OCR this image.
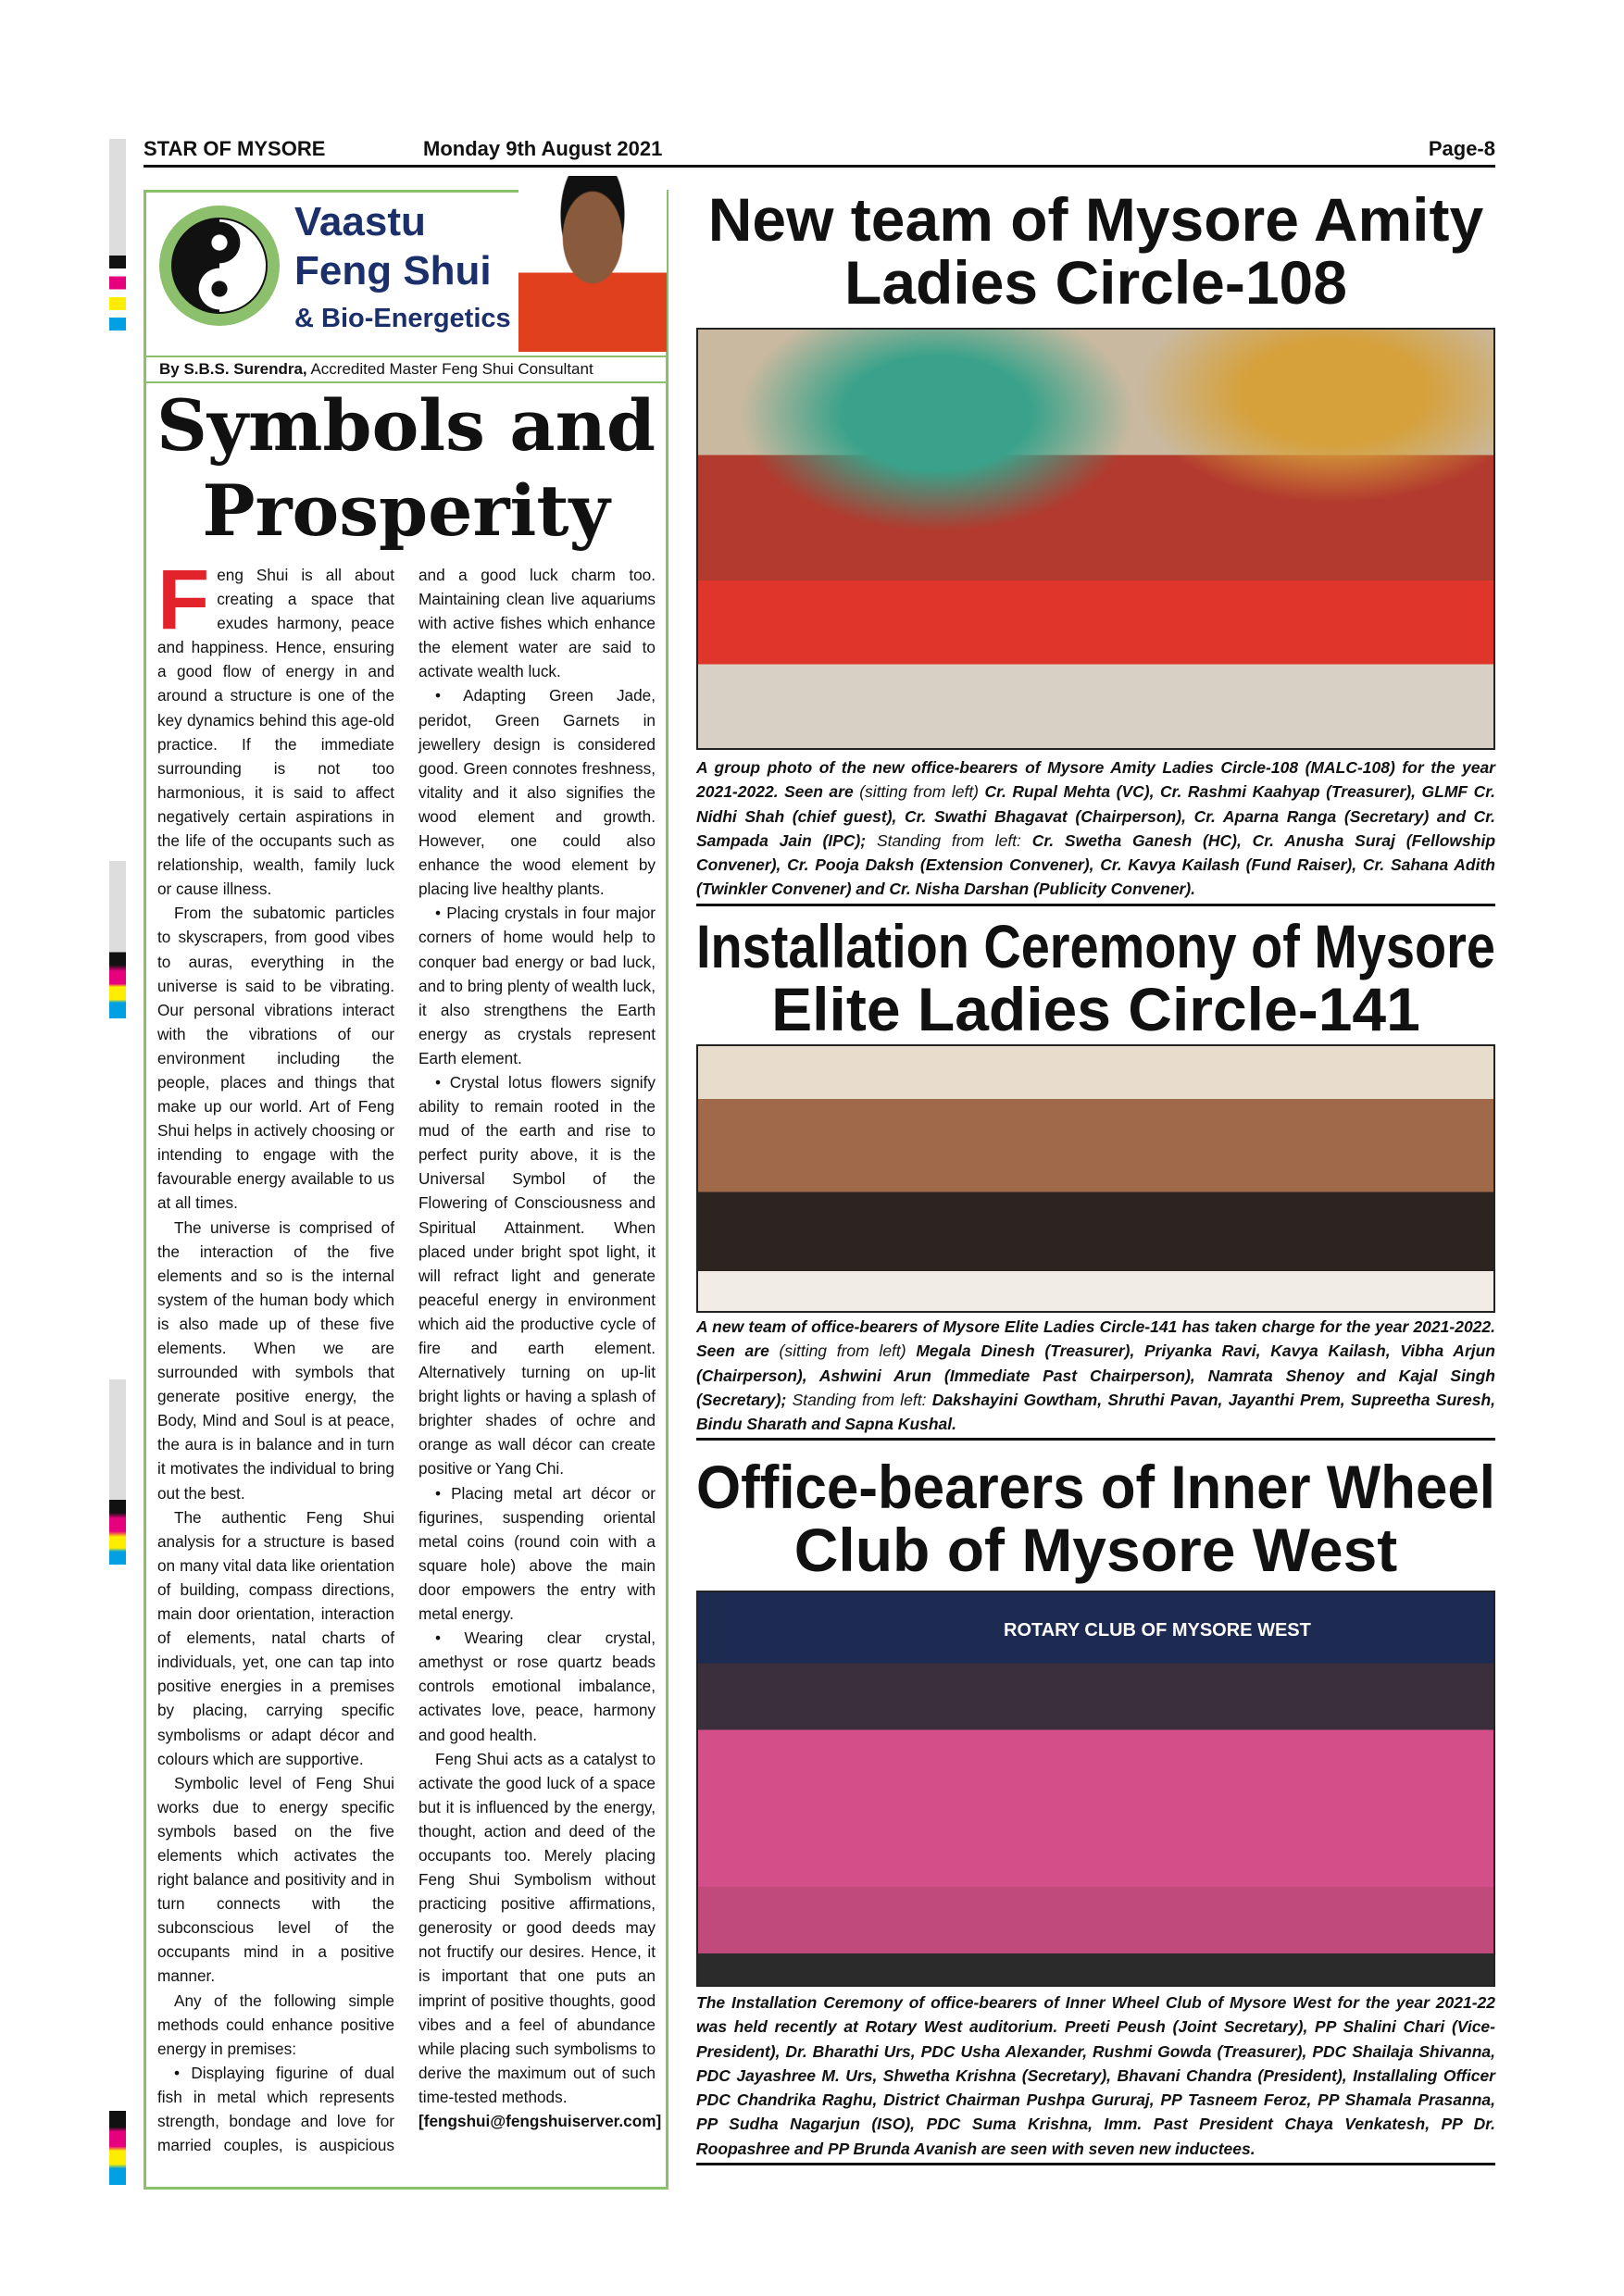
STAR OF MYSORE	Monday 9th August 2021	Page-8
Vaastu
Feng Shui
& Bio-Energetics
By S.B.S. Surendra, Accredited Master Feng Shui Consultant
Symbols and
Prosperity

Feng Shui is all about creating a space that exudes harmony, peace and happiness. Hence, ensuring a good flow of energy in and around a structure is one of the key dynamics behind this age-old practice. If the immediate surrounding is not too harmonious, it is said to affect negatively certain aspirations in the life of the occupants such as relationship, wealth, family luck or cause illness.

From the subatomic particles to skyscrapers, from good vibes to auras, everything in the universe is said to be vibrating. Our personal vibrations interact with the vibrations of our environment including the people, places and things that make up our world. Art of Feng Shui helps in actively choosing or intending to engage with the favourable energy available to us at all times.

The universe is comprised of the interaction of the five elements and so is the internal system of the human body which is also made up of these five elements. When we are surrounded with symbols that generate positive energy, the Body, Mind and Soul is at peace, the aura is in balance and in turn it motivates the individual to bring out the best.

The authentic Feng Shui analysis for a structure is based on many vital data like orientation of building, compass directions, main door orientation, interaction of elements, natal charts of individuals, yet, one can tap into positive energies in a premises by placing, carrying specific symbolisms or adapt décor and colours which are supportive.

Symbolic level of Feng Shui works due to energy specific symbols based on the five elements which activates the right balance and positivity and in turn connects with the subconscious level of the occupants mind in a positive manner.

Any of the following simple methods could enhance positive energy in premises:

• Displaying figurine of dual fish in metal which represents strength, bondage and love for married couples, is auspicious and a good luck charm too. Maintaining clean live aquariums with active fishes which enhance the element water are said to activate wealth luck.

• Adapting Green Jade, peridot, Green Garnets in jewellery design is considered good. Green connotes freshness, vitality and it also signifies the wood element and growth. However, one could also enhance the wood element by placing live healthy plants.

• Placing crystals in four major corners of home would help to conquer bad energy or bad luck, and to bring plenty of wealth luck, it also strengthens the Earth energy as crystals represent Earth element.

• Crystal lotus flowers signify ability to remain rooted in the mud of the earth and rise to perfect purity above, it is the Universal Symbol of the Flowering of Consciousness and Spiritual Attainment. When placed under bright spot light, it will refract light and generate peaceful energy in environment which aid the productive cycle of fire and earth element. Alternatively turning on up-lit bright lights or having a splash of brighter shades of ochre and orange as wall décor can create positive or Yang Chi.

• Placing metal art décor or figurines, suspending oriental metal coins (round coin with a square hole) above the main door empowers the entry with metal energy.

• Wearing clear crystal, amethyst or rose quartz beads controls emotional imbalance, activates love, peace, harmony and good health.

Feng Shui acts as a catalyst to activate the good luck of a space but it is influenced by the energy, thought, action and deed of the occupants too. Merely placing Feng Shui Symbolism without practicing positive affirmations, generosity or good deeds may not fructify our desires. Hence, it is important that one puts an imprint of positive thoughts, good vibes and a feel of abundance while placing such symbolisms to derive the maximum out of such time-tested methods.

[fengshui@fengshuiserver.com]

New team of Mysore Amity
Ladies Circle-108
A group photo of the new office-bearers of Mysore Amity Ladies Circle-108 (MALC-108) for the year 2021-2022. Seen are (sitting from left) Cr. Rupal Mehta (VC), Cr. Rashmi Kaahyap (Treasurer), GLMF Cr. Nidhi Shah (chief guest), Cr. Swathi Bhagavat (Chairperson), Cr. Aparna Ranga (Secretary) and Cr. Sampada Jain (IPC); Standing from left: Cr. Swetha Ganesh (HC), Cr. Anusha Suraj (Fellowship Convener), Cr. Pooja Daksh (Extension Convener), Cr. Kavya Kailash (Fund Raiser), Cr. Sahana Adith (Twinkler Convener) and Cr. Nisha Darshan (Publicity Convener).
Installation Ceremony of Mysore
Elite Ladies Circle-141
A new team of office-bearers of Mysore Elite Ladies Circle-141 has taken charge for the year 2021-2022. Seen are (sitting from left) Megala Dinesh (Treasurer), Priyanka Ravi, Kavya Kailash, Vibha Arjun (Chairperson), Ashwini Arun (Immediate Past Chairperson), Namrata Shenoy and Kajal Singh (Secretary); Standing from left: Dakshayini Gowtham, Shruthi Pavan, Jayanthi Prem, Supreetha Suresh, Bindu Sharath and Sapna Kushal.
Office-bearers of Inner Wheel
Club of Mysore West
ROTARY CLUB OF MYSORE WEST
The Installation Ceremony of office-bearers of Inner Wheel Club of Mysore West for the year 2021-22 was held recently at Rotary West auditorium. Preeti Peush (Joint Secretary), PP Shalini Chari (Vice-President), Dr. Bharathi Urs, PDC Usha Alexander, Rushmi Gowda (Treasurer), PDC Shailaja Shivanna, PDC Jayashree M. Urs, Shwetha Krishna (Secretary), Bhavani Chandra (President), Installaling Officer PDC Chandrika Raghu, District Chairman Pushpa Gururaj, PP Tasneem Feroz, PP Shamala Prasanna, PP Sudha Nagarjun (ISO), PDC Suma Krishna, Imm. Past President Chaya Venkatesh, PP Dr. Roopashree and PP Brunda Avanish are seen with seven new inductees.
